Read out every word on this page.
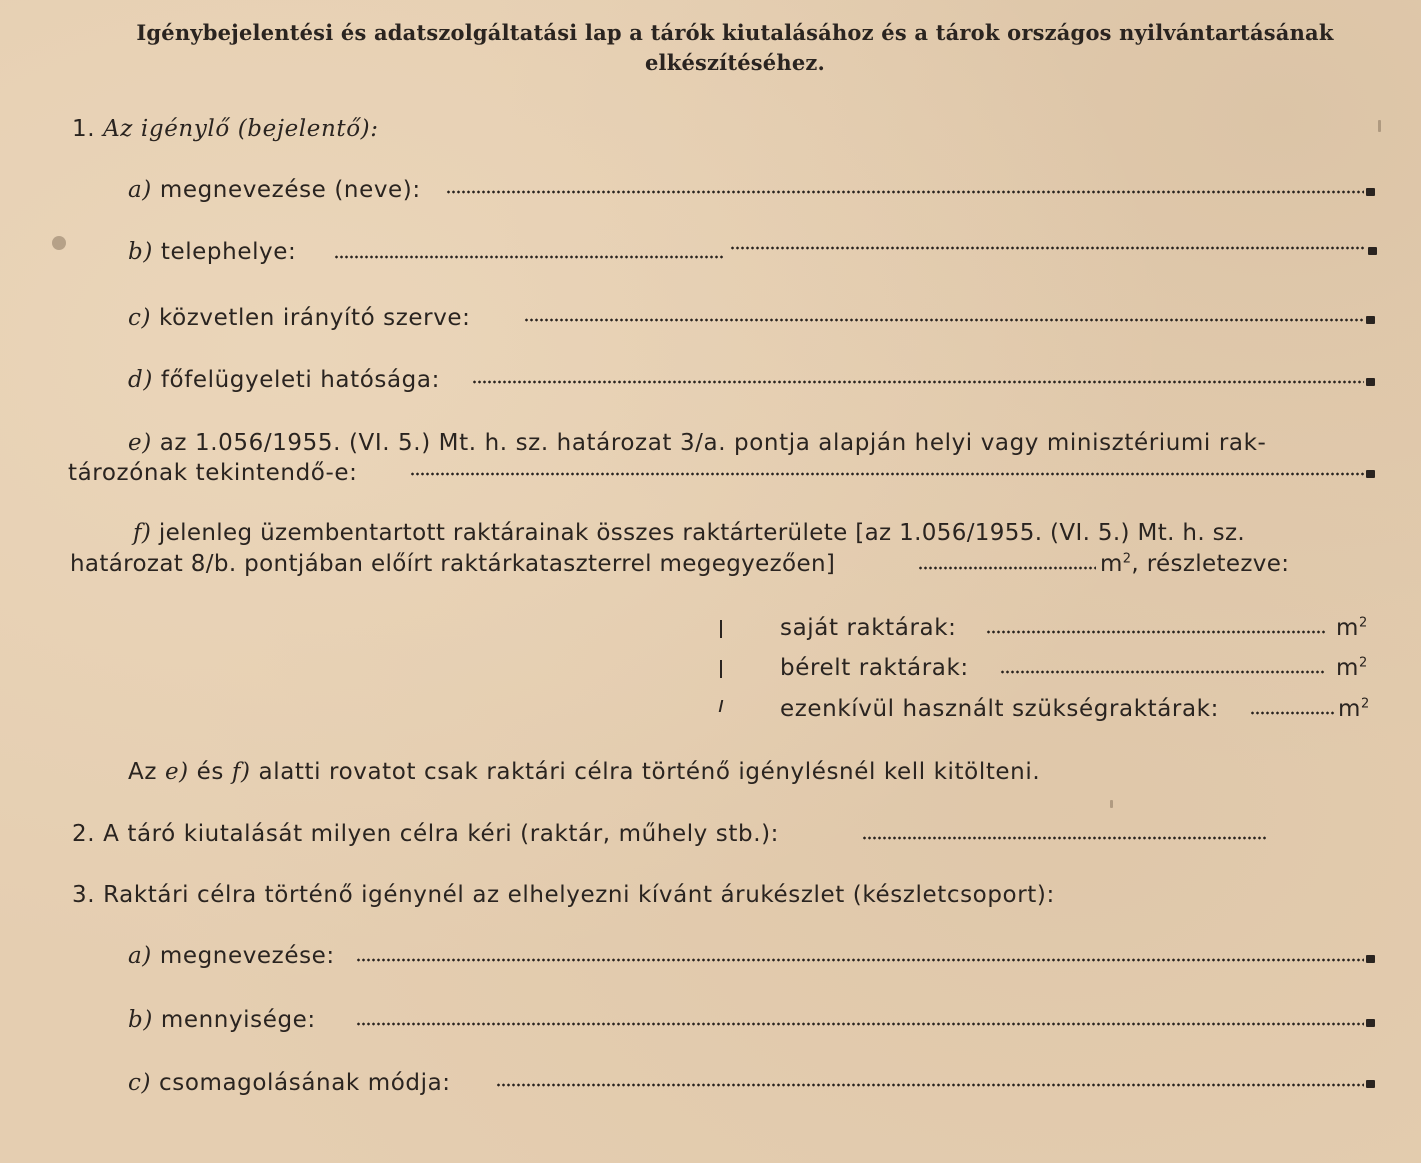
Igénybejelentési és adatszolgáltatási lap a tárók kiutalásához és a tárok országos nyilvántartásának
elkészítéséhez.
1. Az igénylő (bejelentő):
a) megnevezése (neve):
b) telephelye:
c) közvetlen irányító szerve:
d) főfelügyeleti hatósága:
e) az 1.056/1955. (VI. 5.) Mt. h. sz. határozat 3/a. pontja alapján helyi vagy minisztériumi rak-
tározónak tekintendő-e:
f) jelenleg üzembentartott raktárainak összes raktárterülete [az 1.056/1955. (VI. 5.) Mt. h. sz.
határozat 8/b. pontjában előírt raktárkataszterrel megegyezően]	$m^2$, részletezve:
saját raktárak:	$m^2$
bérelt raktárak:	$m^2$
ezenkívül használt szükségraktárak:	$m^2$
Az e) és f) alatti rovatot csak raktári célra történő igénylésnél kell kitölteni.
2. A táró kiutalását milyen célra kéri (raktár, műhely stb.):
3. Raktári célra történő igénynél az elhelyezni kívánt árukészlet (készletcsoport):
a) megnevezése:
b) mennyisége:
c) csomagolásának módja:
